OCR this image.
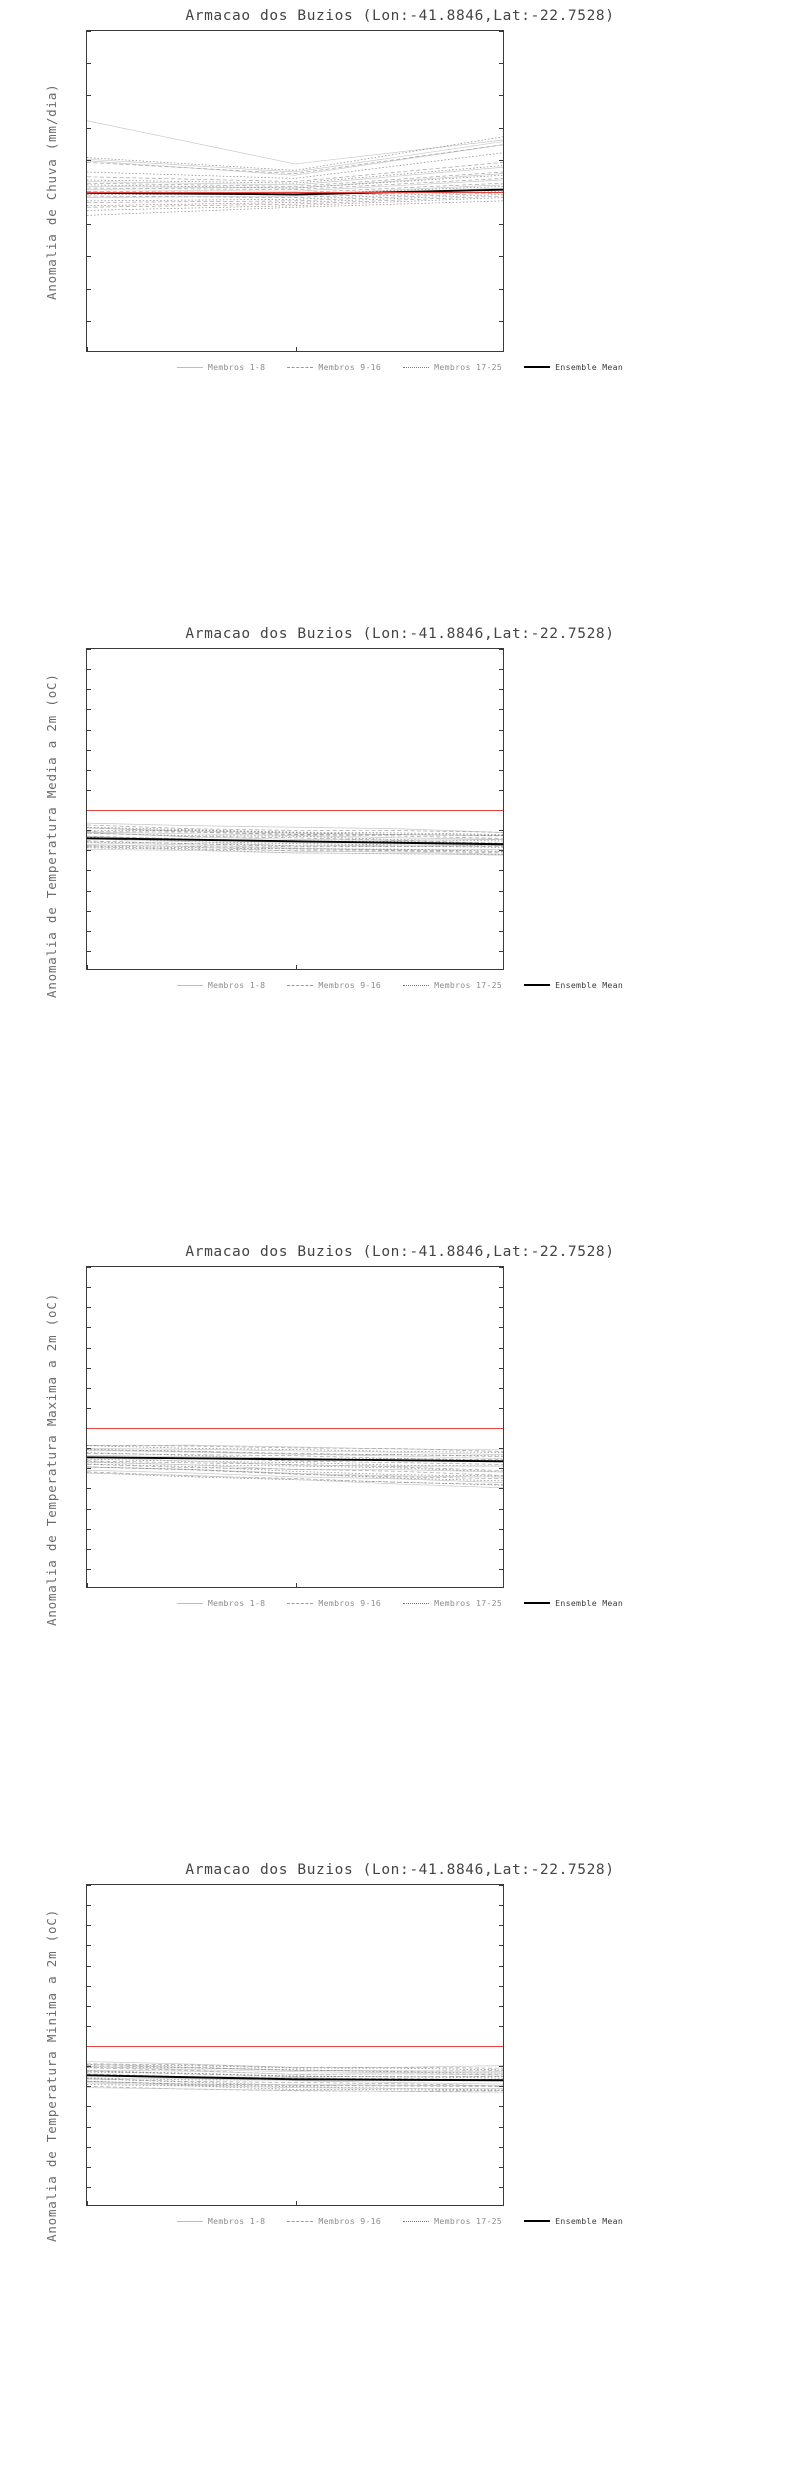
Armacao dos Buzios (Lon:-41.8846,Lat:-22.7528)
Anomalia de Chuva (mm/dia)
Membros 1-8	Membros 9-16	Membros 17-25	Ensemble Mean
Armacao dos Buzios (Lon:-41.8846,Lat:-22.7528)
Anomalia de Temperatura Media a 2m (oC)	Membros 1-8	Membros 9-16	Membros 17-25	Ensemble Mean
Armacao dos Buzios (Lon:-41.8846,Lat:-22.7528)
Anomalia de Temperatura Maxima a 2m (oC)	Membros 1-8	Membros 9-16	Membros 17-25	Ensemble Mean
Armacao dos Buzios (Lon:-41.8846,Lat:-22.7528)
Anomalia de Temperatura Minima a 2m (oC)	Membros 1-8	Membros 9-16	Membros 17-25	Ensemble Mean
